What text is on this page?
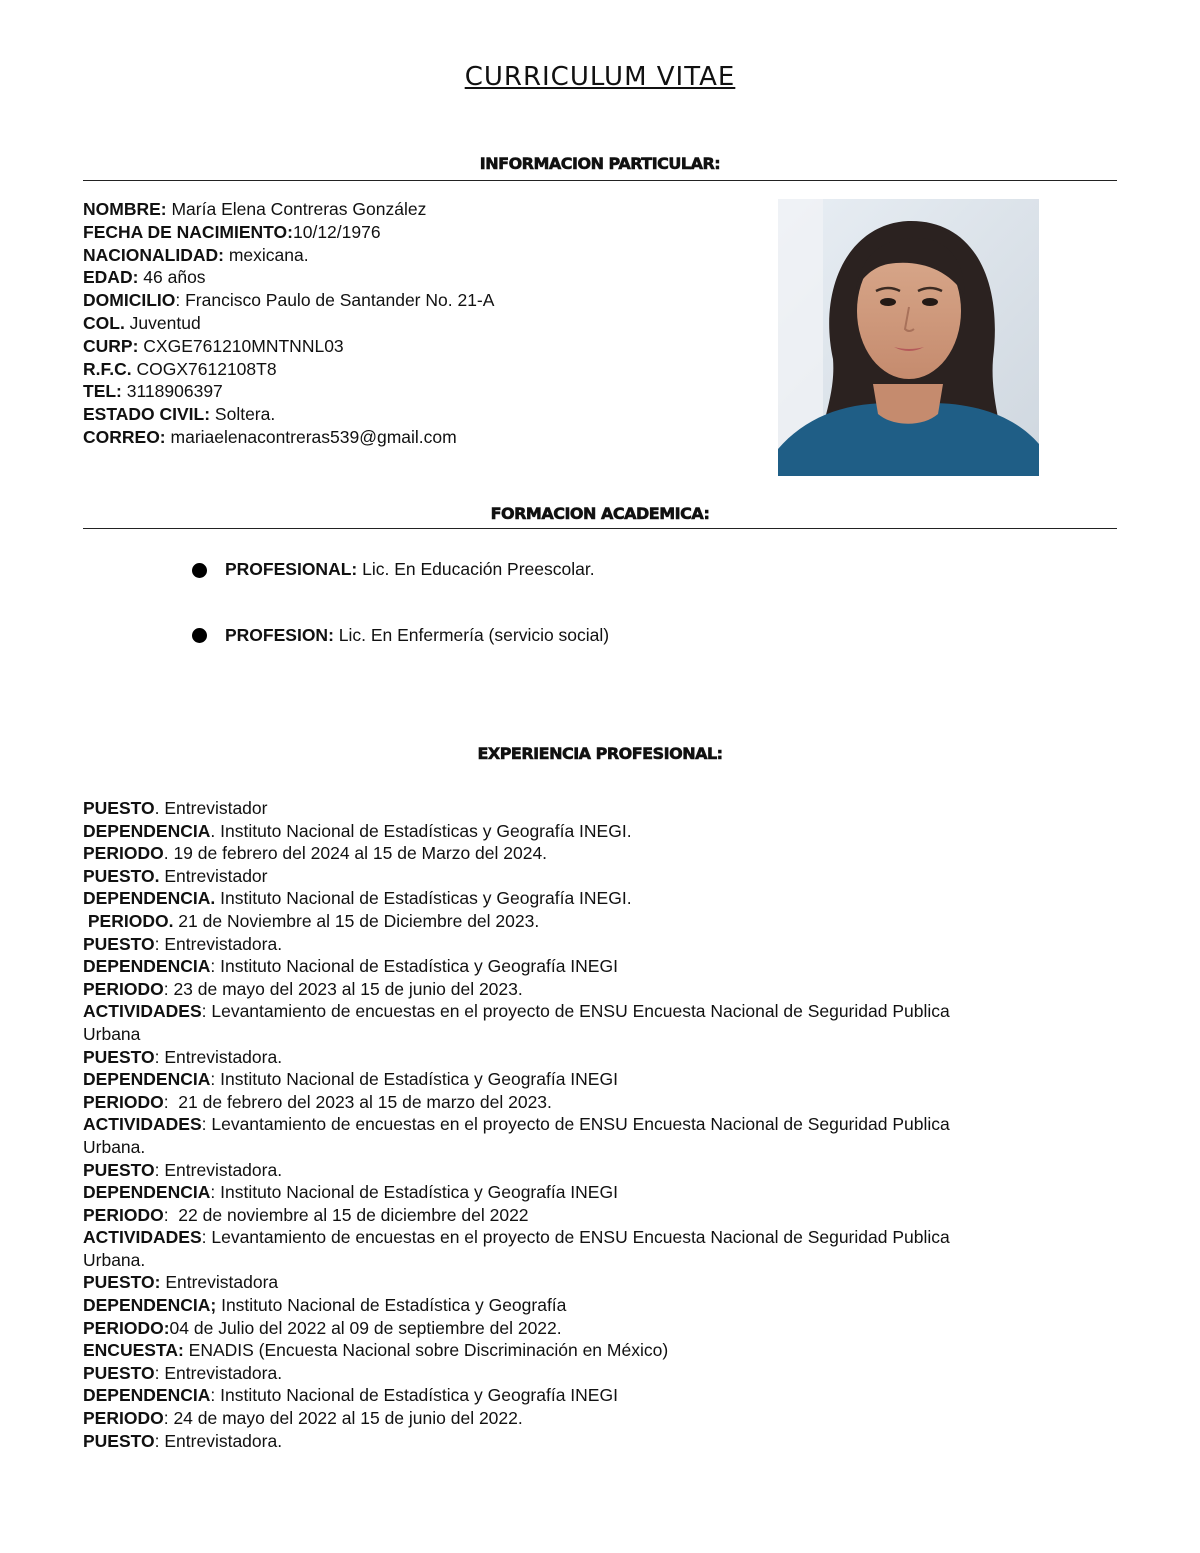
CURRICULUM VITAE
INFORMACION PARTICULAR:
NOMBRE: María Elena Contreras González
FECHA DE NACIMIENTO:10/12/1976
NACIONALIDAD: mexicana.
EDAD: 46 años
DOMICILIO: Francisco Paulo de Santander No. 21-A
COL. Juventud
CURP: CXGE761210MNTNNL03
R.F.C. COGX7612108T8
TEL: 3118906397
ESTADO CIVIL: Soltera.
CORREO: mariaelenacontreras539@gmail.com
FORMACION ACADEMICA:
PROFESIONAL: Lic. En Educación Preescolar.
PROFESION: Lic. En Enfermería (servicio social)
EXPERIENCIA PROFESIONAL:
PUESTO. Entrevistador
DEPENDENCIA. Instituto Nacional de Estadísticas y Geografía INEGI.
PERIODO. 19 de febrero del 2024 al 15 de Marzo del 2024.
PUESTO. Entrevistador
DEPENDENCIA. Instituto Nacional de Estadísticas y Geografía INEGI.
PERIODO. 21 de Noviembre al 15 de Diciembre del 2023.
PUESTO: Entrevistadora.
DEPENDENCIA: Instituto Nacional de Estadística y Geografía INEGI
PERIODO: 23 de mayo del 2023 al 15 de junio del 2023.
ACTIVIDADES: Levantamiento de encuestas en el proyecto de ENSU Encuesta Nacional de Seguridad Publica
Urbana
PUESTO: Entrevistadora.
DEPENDENCIA: Instituto Nacional de Estadística y Geografía INEGI
PERIODO:  21 de febrero del 2023 al 15 de marzo del 2023.
ACTIVIDADES: Levantamiento de encuestas en el proyecto de ENSU Encuesta Nacional de Seguridad Publica
Urbana.
PUESTO: Entrevistadora.
DEPENDENCIA: Instituto Nacional de Estadística y Geografía INEGI
PERIODO:  22 de noviembre al 15 de diciembre del 2022
ACTIVIDADES: Levantamiento de encuestas en el proyecto de ENSU Encuesta Nacional de Seguridad Publica
Urbana.
PUESTO: Entrevistadora
DEPENDENCIA; Instituto Nacional de Estadística y Geografía
PERIODO:04 de Julio del 2022 al 09 de septiembre del 2022.
ENCUESTA: ENADIS (Encuesta Nacional sobre Discriminación en México)
PUESTO: Entrevistadora.
DEPENDENCIA: Instituto Nacional de Estadística y Geografía INEGI
PERIODO: 24 de mayo del 2022 al 15 de junio del 2022.
PUESTO: Entrevistadora.
